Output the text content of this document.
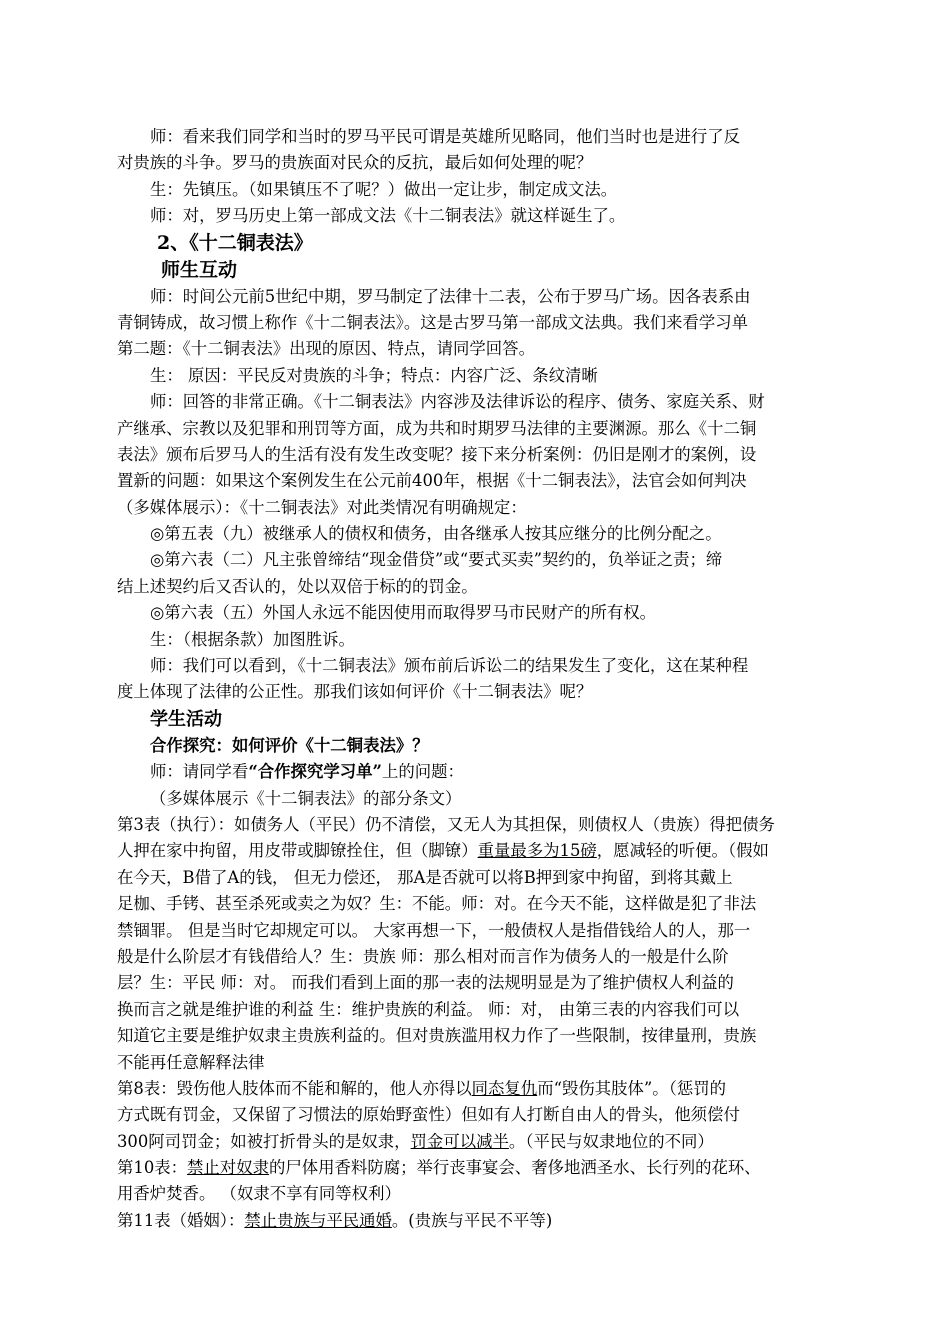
师：看来我们同学和当时的罗马平民可谓是英雄所见略同，他们当时也是进行了反
对贵族的斗争。罗马的贵族面对民众的反抗，最后如何处理的呢？
生：先镇压。（如果镇压不了呢？）做出一定让步，制定成文法。
师：对，罗马历史上第一部成文法《十二铜表法》就这样诞生了。
2、《十二铜表法》
师生互动
师：时间公元前5世纪中期，罗马制定了法律十二表，公布于罗马广场。因各表系由
青铜铸成，故习惯上称作《十二铜表法》。这是古罗马第一部成文法典。我们来看学习单
第二题：《十二铜表法》出现的原因、特点，请同学回答。
生： 原因：平民反对贵族的斗争；特点：内容广泛、条纹清晰
师：回答的非常正确。《十二铜表法》内容涉及法律诉讼的程序、债务、家庭关系、财
产继承、宗教以及犯罪和刑罚等方面，成为共和时期罗马法律的主要渊源。那么《十二铜
表法》颁布后罗马人的生活有没有发生改变呢？接下来分析案例：仍旧是刚才的案例，设
置新的问题：如果这个案例发生在公元前400年，根据《十二铜表法》，法官会如何判决
（多媒体展示）：《十二铜表法》对此类情况有明确规定：
◎第五表（九）被继承人的债权和债务，由各继承人按其应继分的比例分配之。
◎第六表（二）凡主张曾缔结“现金借贷”或“要式买卖”契约的，负举证之责；缔
结上述契约后又否认的，处以双倍于标的的罚金。
◎第六表（五）外国人永远不能因使用而取得罗马市民财产的所有权。
生：（根据条款）加图胜诉。
师：我们可以看到，《十二铜表法》颁布前后诉讼二的结果发生了变化，这在某种程
度上体现了法律的公正性。那我们该如何评价《十二铜表法》呢？
学生活动
合作探究：如何评价《十二铜表法》？
师：请同学看“合作探究学习单”上的问题：
（多媒体展示《十二铜表法》的部分条文）
第3表（执行）：如债务人（平民）仍不清偿，又无人为其担保，则债权人（贵族）得把债务
人押在家中拘留，用皮带或脚镣拴住，但（脚镣）重量最多为15磅，愿减轻的听便。（假如
在今天，B借了A的钱， 但无力偿还， 那A是否就可以将B押到家中拘留，到将其戴上
足枷、手铐、甚至杀死或卖之为奴？生：不能。师：对。在今天不能，这样做是犯了非法
禁锢罪。 但是当时它却规定可以。 大家再想一下，一般债权人是指借钱给人的人，那一
般是什么阶层才有钱借给人？生：贵族 师：那么相对而言作为债务人的一般是什么阶
层？生：平民 师：对。 而我们看到上面的那一表的法规明显是为了维护债权人利益的
换而言之就是维护谁的利益 生：维护贵族的利益。 师：对， 由第三表的内容我们可以
知道它主要是维护奴隶主贵族利益的。但对贵族滥用权力作了一些限制，按律量刑，贵族
不能再任意解释法律
第8表：毁伤他人肢体而不能和解的，他人亦得以同态复仇而“毁伤其肢体”。（惩罚的
方式既有罚金，又保留了习惯法的原始野蛮性）但如有人打断自由人的骨头，他须偿付
300阿司罚金；如被打折骨头的是奴隶，罚金可以减半。（平民与奴隶地位的不同）
第10表：禁止对奴隶的尸体用香料防腐；举行丧事宴会、奢侈地洒圣水、长行列的花环、
用香炉焚香。 （奴隶不享有同等权利）
第11表（婚姻）：禁止贵族与平民通婚。(贵族与平民不平等)
